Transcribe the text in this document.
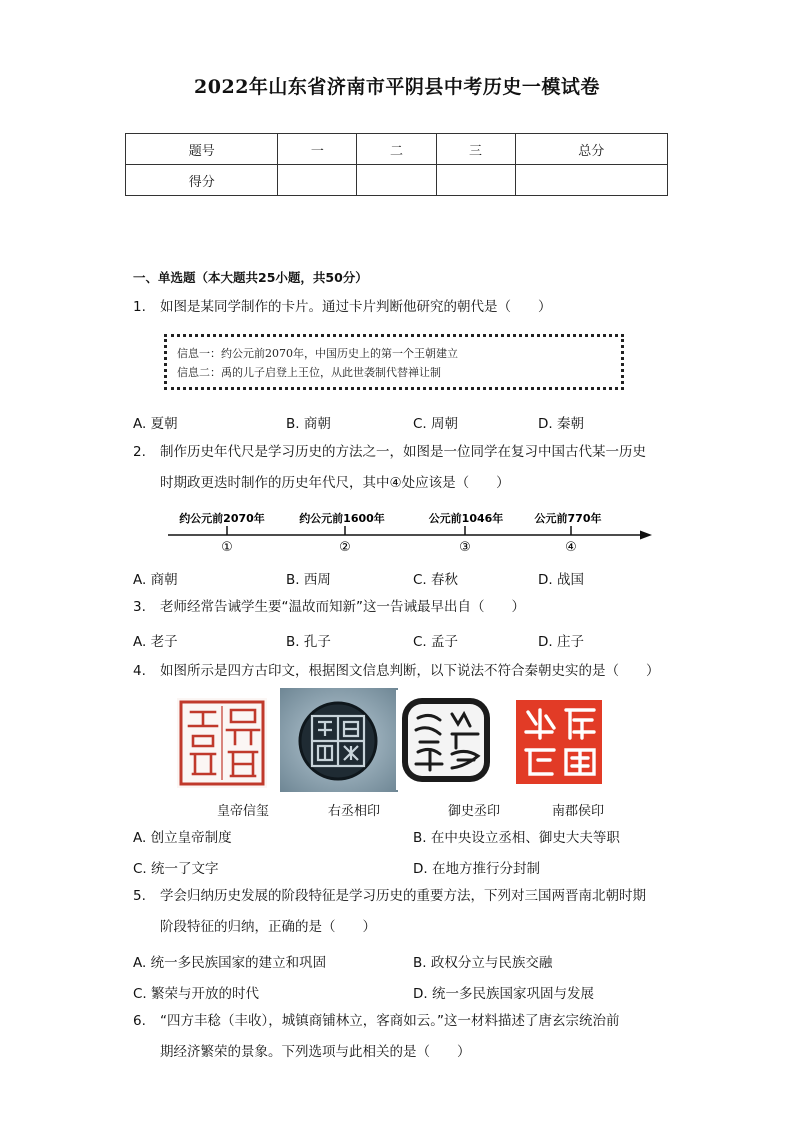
2022年山东省济南市平阴县中考历史一模试卷
题号	一	二	三	总分
得分				
一、单选题（本大题共25小题，共50分）
1. 如图是某同学制作的卡片。通过卡片判断他研究的朝代是（　　）
信息一：约公元前2070年，中国历史上的第一个王朝建立
信息二：禹的儿子启登上王位，从此世袭制代替禅让制
A. 夏朝	B. 商朝	C. 周朝	D. 秦朝
2. 制作历史年代尺是学习历史的方法之一，如图是一位同学在复习中国古代某一历史
时期政更迭时制作的历史年代尺，其中④处应该是（　　）
约公元前2070年
①
约公元前1600年
②
公元前1046年
③
公元前770年
④
A. 商朝	B. 西周	C. 春秋	D. 战国
3. 老师经常告诫学生要“温故而知新”这一告诫最早出自（　　）
A. 老子	B. 孔子	C. 孟子	D. 庄子
4. 如图所示是四方古印文，根据图文信息判断，以下说法不符合秦朝史实的是（　　）
皇帝信玺	右丞相印	御史丞印	南郡侯印
A. 创立皇帝制度	B. 在中央设立丞相、御史大夫等职
C. 统一了文字	D. 在地方推行分封制
5. 学会归纳历史发展的阶段特征是学习历史的重要方法，下列对三国两晋南北朝时期
阶段特征的归纳，正确的是（　　）
A. 统一多民族国家的建立和巩固	B. 政权分立与民族交融
C. 繁荣与开放的时代	D. 统一多民族国家巩固与发展
6. “四方丰稔（丰收），城镇商铺林立，客商如云。”这一材料描述了唐玄宗统治前
期经济繁荣的景象。下列选项与此相关的是（　　）
